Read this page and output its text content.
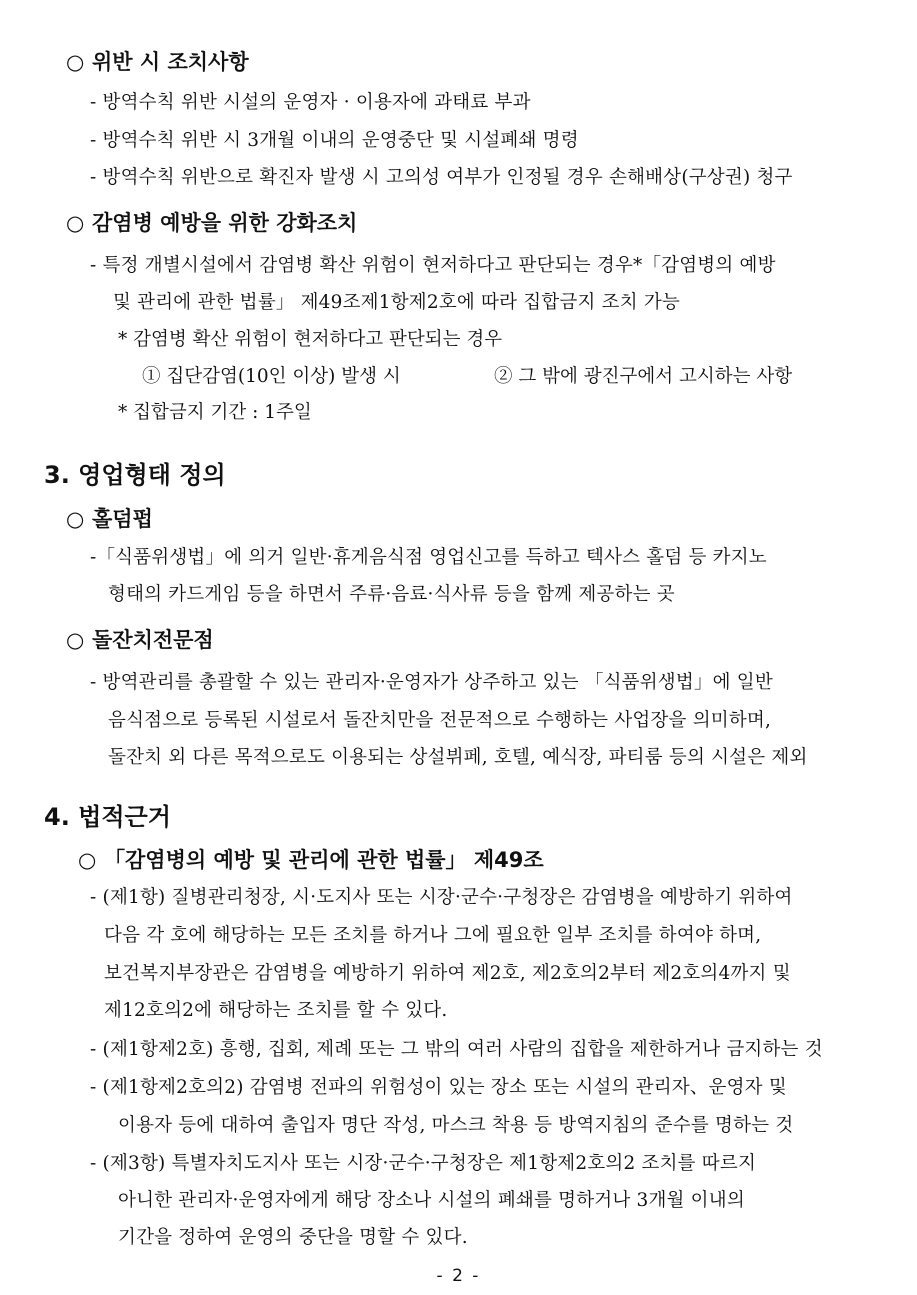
○ 위반 시 조치사항
- 방역수칙 위반 시설의 운영자 · 이용자에 과태료 부과
- 방역수칙 위반 시 3개월 이내의 운영중단 및 시설폐쇄 명령
- 방역수칙 위반으로 확진자 발생 시 고의성 여부가 인정될 경우 손해배상(구상권) 청구
○ 감염병 예방을 위한 강화조치
- 특정 개별시설에서 감염병 확산 위험이 현저하다고 판단되는 경우*「감염병의 예방
및 관리에 관한 법률」 제49조제1항제2호에 따라 집합금지 조치 가능
* 감염병 확산 위험이 현저하다고 판단되는 경우
① 집단감염(10인 이상) 발생 시	② 그 밖에 광진구에서 고시하는 사항
* 집합금지 기간 : 1주일
3. 영업형태 정의
○ 홀덤펍
-「식품위생법」에 의거 일반·휴게음식점 영업신고를 득하고 텍사스 홀덤 등 카지노
형태의 카드게임 등을 하면서 주류·음료·식사류 등을 함께 제공하는 곳
○ 돌잔치전문점
- 방역관리를 총괄할 수 있는 관리자·운영자가 상주하고 있는 「식품위생법」에 일반
음식점으로 등록된 시설로서 돌잔치만을 전문적으로 수행하는 사업장을 의미하며,
돌잔치 외 다른 목적으로도 이용되는 상설뷔페, 호텔, 예식장, 파티룸 등의 시설은 제외
4. 법적근거
○ 「감염병의 예방 및 관리에 관한 법률」 제49조
- (제1항) 질병관리청장, 시·도지사 또는 시장·군수·구청장은 감염병을 예방하기 위하여
다음 각 호에 해당하는 모든 조치를 하거나 그에 필요한 일부 조치를 하여야 하며,
보건복지부장관은 감염병을 예방하기 위하여 제2호, 제2호의2부터 제2호의4까지 및
제12호의2에 해당하는 조치를 할 수 있다.
- (제1항제2호) 흥행, 집회, 제례 또는 그 밖의 여러 사람의 집합을 제한하거나 금지하는 것
- (제1항제2호의2) 감염병 전파의 위험성이 있는 장소 또는 시설의 관리자、운영자 및
이용자 등에 대하여 출입자 명단 작성, 마스크 착용 등 방역지침의 준수를 명하는 것
- (제3항) 특별자치도지사 또는 시장·군수·구청장은 제1항제2호의2 조치를 따르지
아니한 관리자·운영자에게 해당 장소나 시설의 폐쇄를 명하거나 3개월 이내의
기간을 정하여 운영의 중단을 명할 수 있다.
- 2 -
